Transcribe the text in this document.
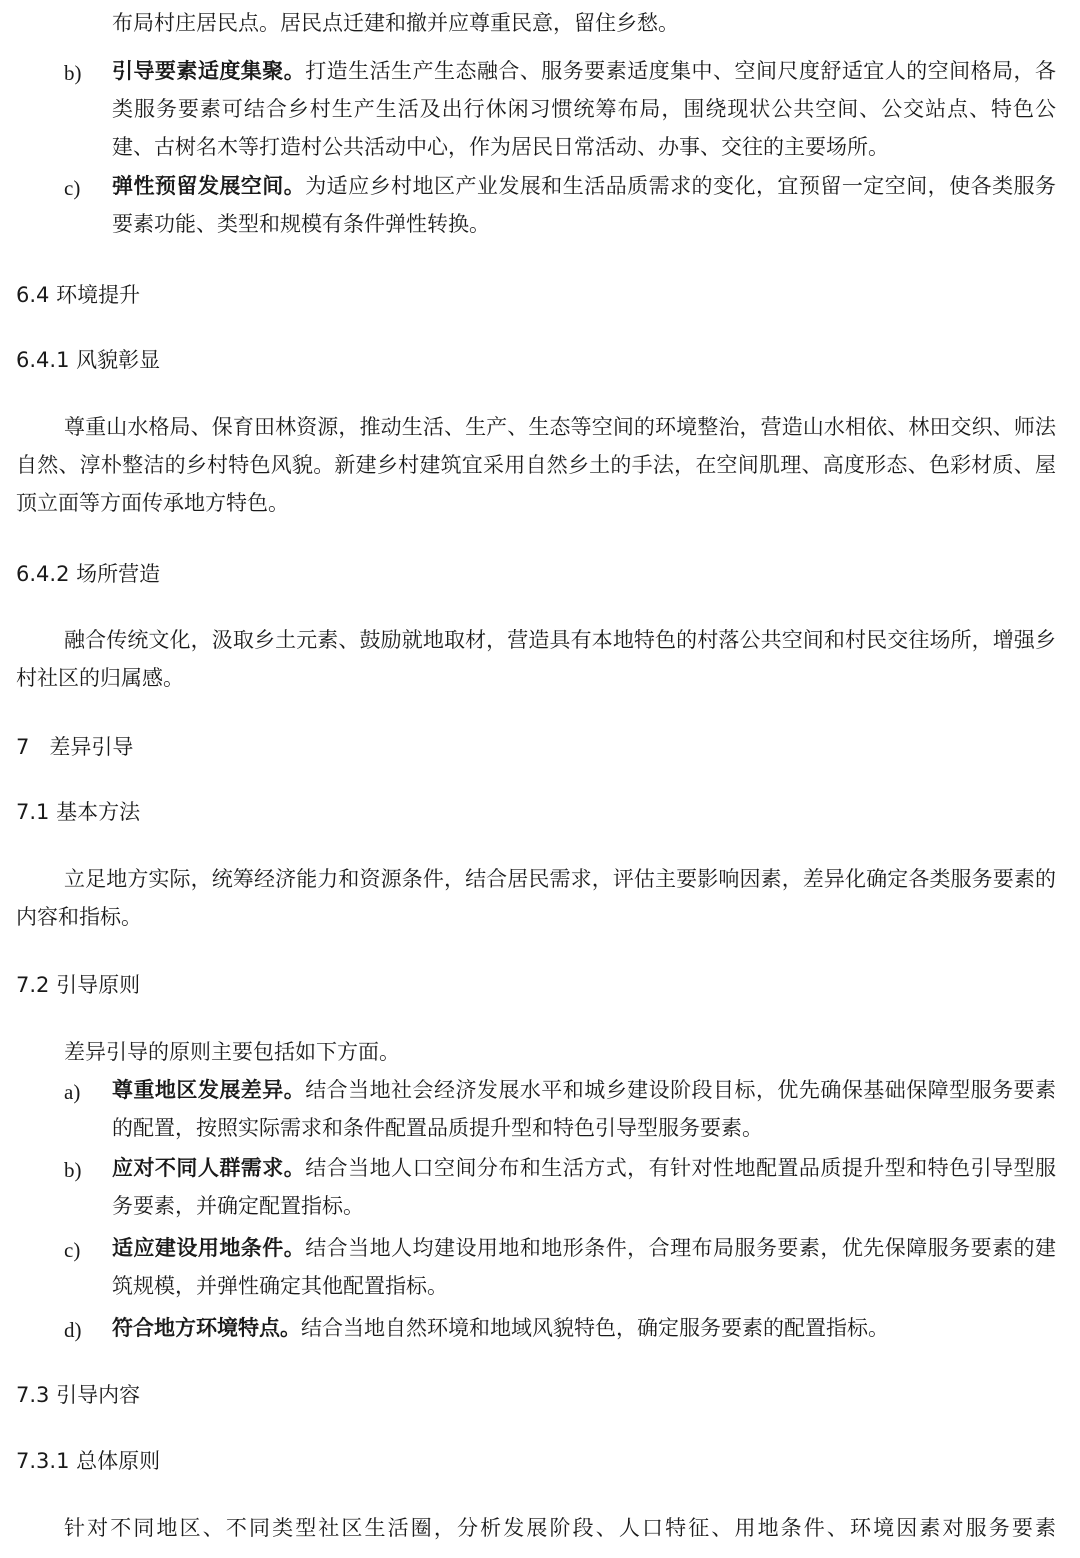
布局村庄居民点。居民点迁建和撤并应尊重民意，留住乡愁。
b) 引导要素适度集聚。打造生活生产生态融合、服务要素适度集中、空间尺度舒适宜人的空间格局，各类服务要素可结合乡村生产生活及出行休闲习惯统筹布局，围绕现状公共空间、公交站点、特色公建、古树名木等打造村公共活动中心，作为居民日常活动、办事、交往的主要场所。
c) 弹性预留发展空间。为适应乡村地区产业发展和生活品质需求的变化，宜预留一定空间，使各类服务要素功能、类型和规模有条件弹性转换。
6.4 环境提升
6.4.1 风貌彰显
尊重山水格局、保育田林资源，推动生活、生产、生态等空间的环境整治，营造山水相依、林田交织、师法自然、淳朴整洁的乡村特色风貌。新建乡村建筑宜采用自然乡土的手法，在空间肌理、高度形态、色彩材质、屋顶立面等方面传承地方特色。
6.4.2 场所营造
融合传统文化，汲取乡土元素、鼓励就地取材，营造具有本地特色的村落公共空间和村民交往场所，增强乡村社区的归属感。
7 差异引导
7.1 基本方法
立足地方实际，统筹经济能力和资源条件，结合居民需求，评估主要影响因素，差异化确定各类服务要素的内容和指标。
7.2 引导原则
差异引导的原则主要包括如下方面。
a) 尊重地区发展差异。结合当地社会经济发展水平和城乡建设阶段目标，优先确保基础保障型服务要素的配置，按照实际需求和条件配置品质提升型和特色引导型服务要素。
b) 应对不同人群需求。结合当地人口空间分布和生活方式，有针对性地配置品质提升型和特色引导型服务要素，并确定配置指标。
c) 适应建设用地条件。结合当地人均建设用地和地形条件，合理布局服务要素，优先保障服务要素的建筑规模，并弹性确定其他配置指标。
d) 符合地方环境特点。结合当地自然环境和地域风貌特色，确定服务要素的配置指标。
7.3 引导内容
7.3.1 总体原则
针对不同地区、不同类型社区生活圈，分析发展阶段、人口特征、用地条件、环境因素对服务要素
